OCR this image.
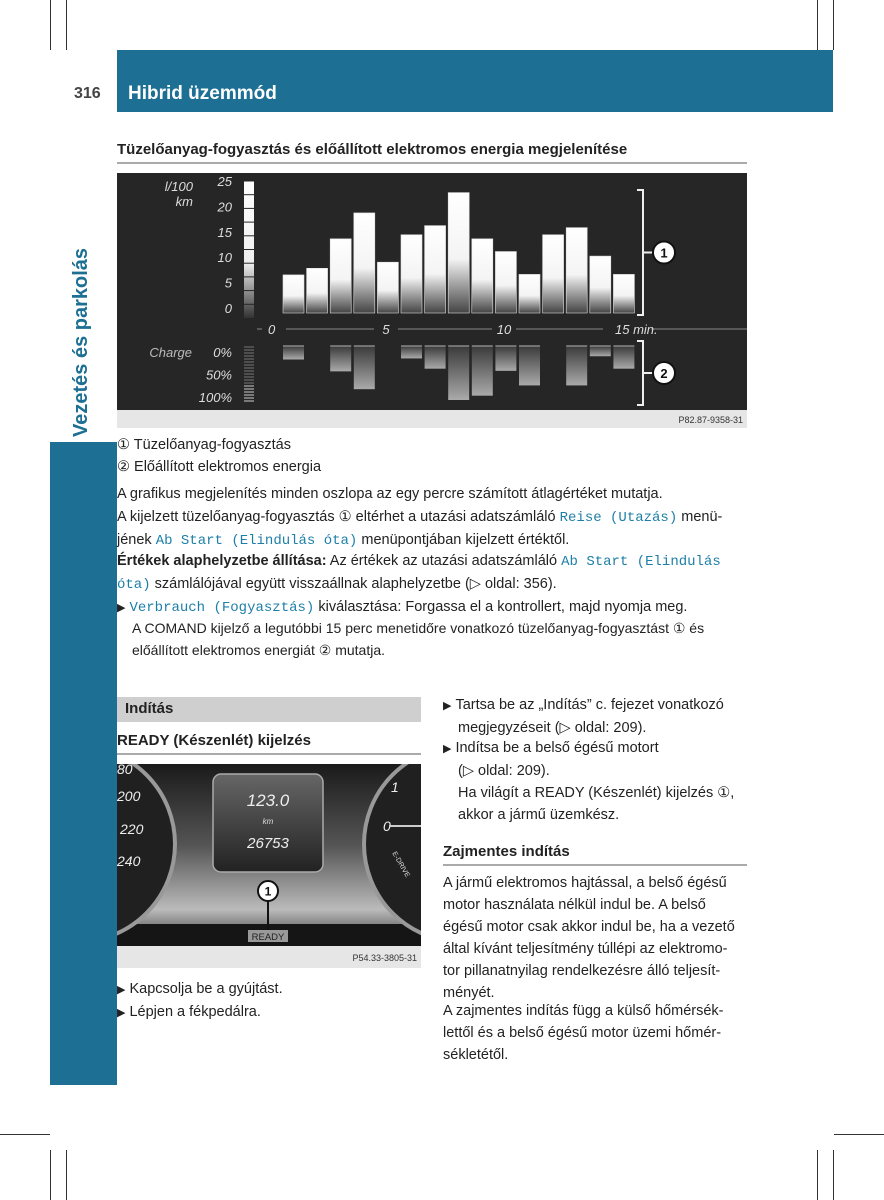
Hibrid üzemmód
316
Vezetés és parkolás
Tüzelőanyag-fogyasztás és előállított elektromos energia megjelenítése
l/100
km
25
20
15
10
5
0
0	5	10	15 min.
Charge 0%
50%
100%
1
2
P82.87-9358-31
① Tüzelőanyag-fogyasztás
② Előállított elektromos energia
A grafikus megjelenítés minden oszlopa az egy percre számított átlagértéket mutatja.
A kijelzett tüzelőanyag-fogyasztás ① eltérhet a utazási adatszámláló Reise (Utazás) menü-
jének Ab Start (Elindulás óta) menüpontjában kijelzett értéktől.
Értékek alaphelyzetbe állítása: Az értékek az utazási adatszámláló Ab Start (Elindulás
óta) számlálójával együtt visszaállnak alaphelyzetbe (▷ oldal: 356).
▶ Verbrauch (Fogyasztás) kiválasztása: Forgassa el a kontrollert, majd nyomja meg.
A COMAND kijelző a legutóbbi 15 perc menetidőre vonatkozó tüzelőanyag-fogyasztást ① és
előállított elektromos energiát ② mutatja.
Indítás
READY (Készenlét) kijelzés
80
200
220
240
1
0
E-DRIVE
123.0
km
26753
1
READY
P54.33-3805-31
▶ Kapcsolja be a gyújtást.
▶ Lépjen a fékpedálra.
▶ Tartsa be az „Indítás” c. fejezet vonatkozó
megjegyzéseit (▷ oldal: 209).
▶ Indítsa be a belső égésű motort
(▷ oldal: 209).
Ha világít a READY (Készenlét) kijelzés ①,
akkor a jármű üzemkész.
Zajmentes indítás
A jármű elektromos hajtással, a belső égésű
motor használata nélkül indul be. A belső
égésű motor csak akkor indul be, ha a vezető
által kívánt teljesítmény túllépi az elektromo-
tor pillanatnyilag rendelkezésre álló teljesít-
ményét.
A zajmentes indítás függ a külső hőmérsék-
lettől és a belső égésű motor üzemi hőmér-
sékletétől.
